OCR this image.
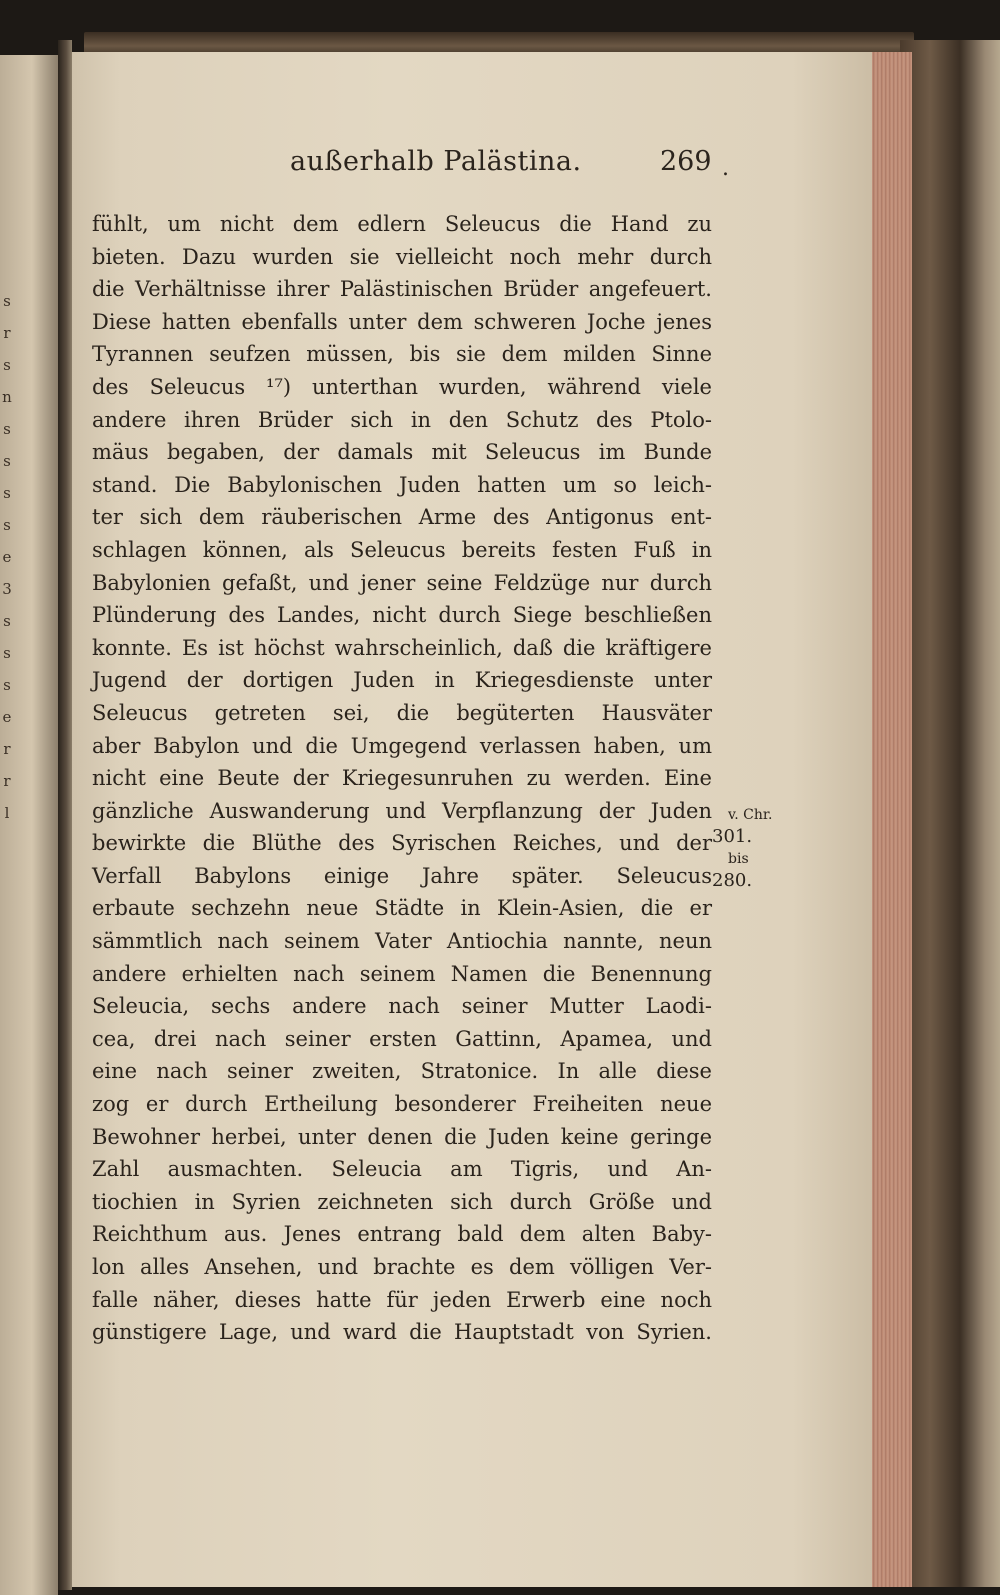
s
r
s
n
s
s
s
s
e
3
s
s
s
e
r
r
l
außerhalb Palästina.	269 .
fühlt, um nicht dem edlern Seleucus die Hand zu
bieten. Dazu wurden sie vielleicht noch mehr durch
die Verhältnisse ihrer Palästinischen Brüder angefeuert.
Diese hatten ebenfalls unter dem schweren Joche jenes
Tyrannen seufzen müssen, bis sie dem milden Sinne
des Seleucus ¹⁷) unterthan wurden, während viele
andere ihren Brüder sich in den Schutz des Ptolo-
mäus begaben, der damals mit Seleucus im Bunde
stand. Die Babylonischen Juden hatten um so leich-
ter sich dem räuberischen Arme des Antigonus ent-
schlagen können, als Seleucus bereits festen Fuß in
Babylonien gefaßt, und jener seine Feldzüge nur durch
Plünderung des Landes, nicht durch Siege beschließen
konnte. Es ist höchst wahrscheinlich, daß die kräftigere
Jugend der dortigen Juden in Kriegesdienste unter
Seleucus getreten sei, die begüterten Hausväter
aber Babylon und die Umgegend verlassen haben, um
nicht eine Beute der Kriegesunruhen zu werden. Eine
gänzliche Auswanderung und Verpflanzung der Juden
bewirkte die Blüthe des Syrischen Reiches, und der
Verfall Babylons einige Jahre später. Seleucus
erbaute sechzehn neue Städte in Klein-Asien, die er
sämmtlich nach seinem Vater Antiochia nannte, neun
andere erhielten nach seinem Namen die Benennung
Seleucia, sechs andere nach seiner Mutter Laodi-
cea, drei nach seiner ersten Gattinn, Apamea, und
eine nach seiner zweiten, Stratonice. In alle diese
zog er durch Ertheilung besonderer Freiheiten neue
Bewohner herbei, unter denen die Juden keine geringe
Zahl ausmachten. Seleucia am Tigris, und An-
tiochien in Syrien zeichneten sich durch Größe und
Reichthum aus. Jenes entrang bald dem alten Baby-
lon alles Ansehen, und brachte es dem völligen Ver-
falle näher, dieses hatte für jeden Erwerb eine noch
günstigere Lage, und ward die Hauptstadt von Syrien.
v. Chr.
301.
bis
280.
